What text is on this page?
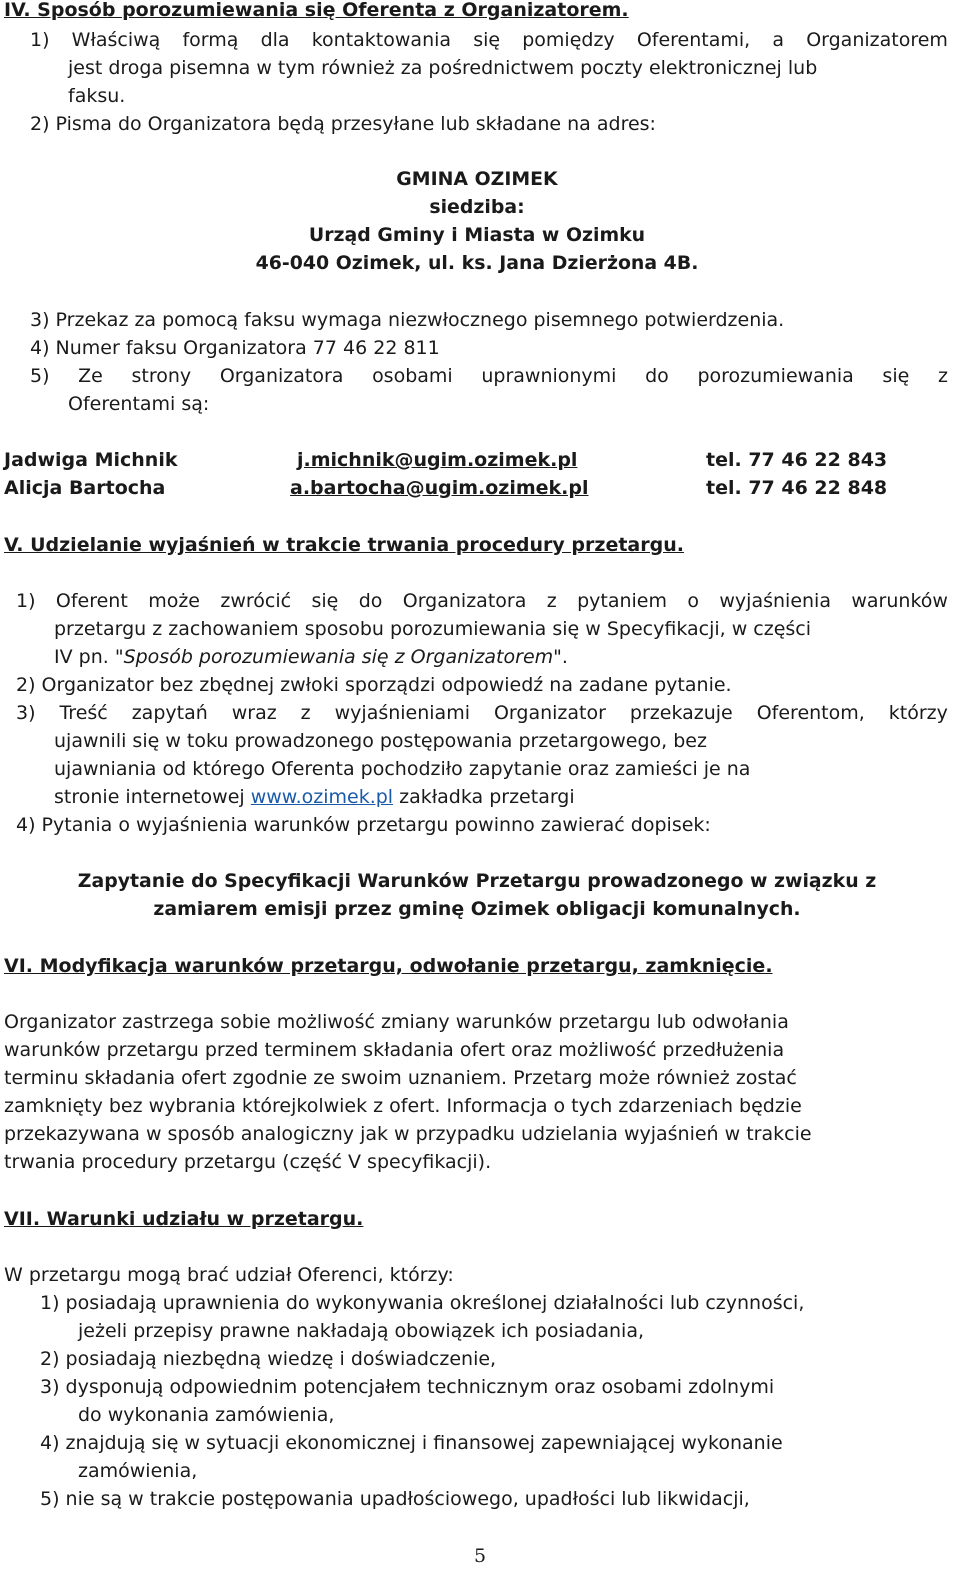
IV. Sposób porozumiewania się Oferenta z Organizatorem.
1) Właściwą formą dla kontaktowania się pomiędzy Oferentami, a Organizatorem
jest droga pisemna w tym również za pośrednictwem poczty elektronicznej lub
faksu.
2) Pisma do Organizatora będą przesyłane lub składane na adres:
GMINA OZIMEK
siedziba:
Urząd Gminy i Miasta w Ozimku
46-040 Ozimek, ul. ks. Jana Dzierżona 4B.
3) Przekaz za pomocą faksu wymaga niezwłocznego pisemnego potwierdzenia.
4) Numer faksu Organizatora 77 46 22 811
5) Ze strony Organizatora osobami uprawnionymi do porozumiewania się z
Oferentami są:
Jadwiga Michnik	j.michnik@ugim.ozimek.pl	tel. 77 46 22 843
Alicja Bartocha	a.bartocha@ugim.ozimek.pl	tel. 77 46 22 848
V. Udzielanie wyjaśnień w trakcie trwania procedury przetargu.
1) Oferent może zwrócić się do Organizatora z pytaniem o wyjaśnienia warunków
przetargu z zachowaniem sposobu porozumiewania się w Specyfikacji, w części
IV pn. "Sposób porozumiewania się z Organizatorem".
2) Organizator bez zbędnej zwłoki sporządzi odpowiedź na zadane pytanie.
3) Treść zapytań wraz z wyjaśnieniami Organizator przekazuje Oferentom, którzy
ujawnili się w toku prowadzonego postępowania przetargowego, bez
ujawniania od którego Oferenta pochodziło zapytanie oraz zamieści je na
stronie internetowej www.ozimek.pl zakładka przetargi
4) Pytania o wyjaśnienia warunków przetargu powinno zawierać dopisek:
Zapytanie do Specyfikacji Warunków Przetargu prowadzonego w związku z
zamiarem emisji przez gminę Ozimek obligacji komunalnych.
VI. Modyfikacja warunków przetargu, odwołanie przetargu, zamknięcie.
Organizator zastrzega sobie możliwość zmiany warunków przetargu lub odwołania
warunków przetargu przed terminem składania ofert oraz możliwość przedłużenia
terminu składania ofert zgodnie ze swoim uznaniem. Przetarg może również zostać
zamknięty bez wybrania którejkolwiek z ofert. Informacja o tych zdarzeniach będzie
przekazywana w sposób analogiczny jak w przypadku udzielania wyjaśnień w trakcie
trwania procedury przetargu (część V specyfikacji).
VII. Warunki udziału w przetargu.
W przetargu mogą brać udział Oferenci, którzy:
1) posiadają uprawnienia do wykonywania określonej działalności lub czynności,
jeżeli przepisy prawne nakładają obowiązek ich posiadania,
2) posiadają niezbędną wiedzę i doświadczenie,
3) dysponują odpowiednim potencjałem technicznym oraz osobami zdolnymi
do wykonania zamówienia,
4) znajdują się w sytuacji ekonomicznej i finansowej zapewniającej wykonanie
zamówienia,
5) nie są w trakcie postępowania upadłościowego, upadłości lub likwidacji,
5
